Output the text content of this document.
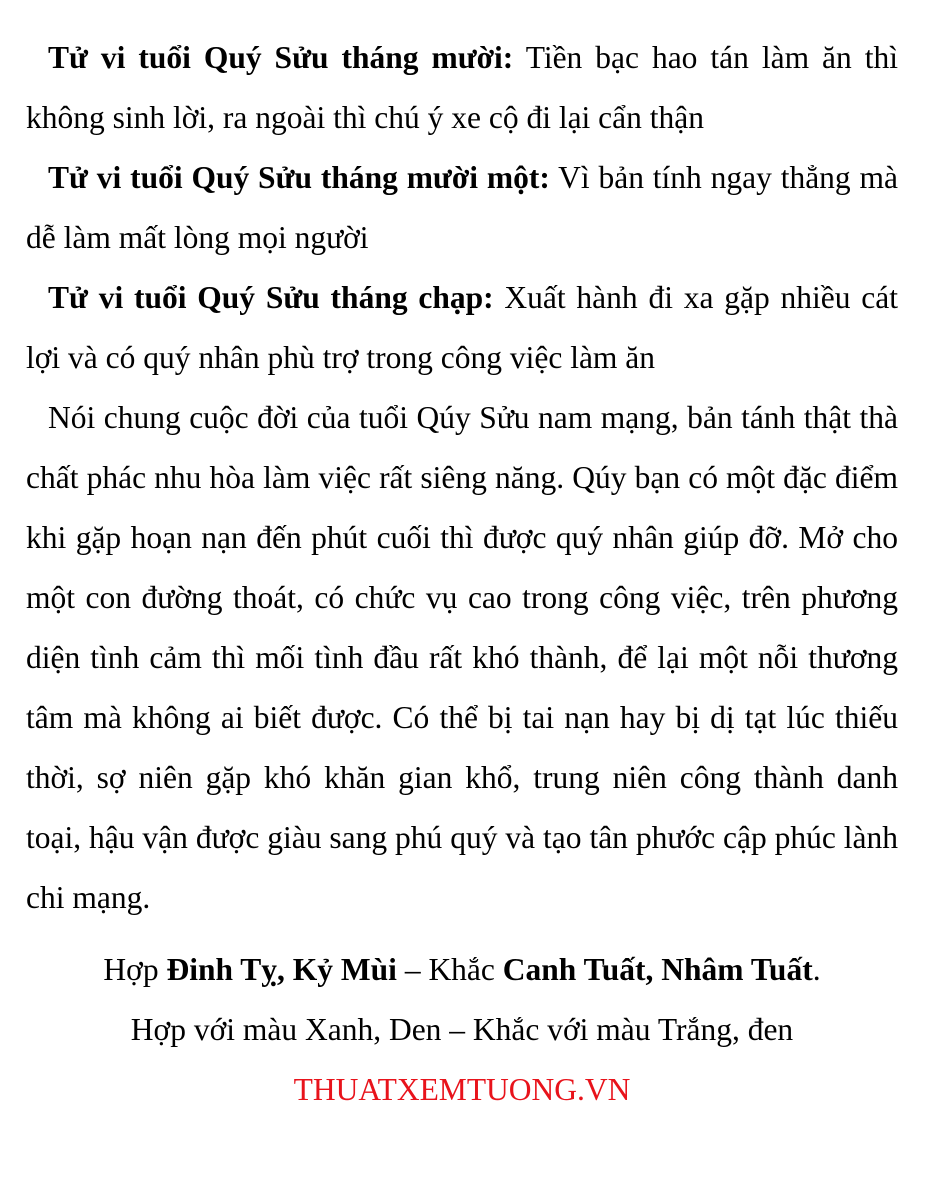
Tử vi tuổi Quý Sửu tháng mười: Tiền bạc hao tán làm ăn thì không sinh lời, ra ngoài thì chú ý xe cộ đi lại cẩn thận

Tử vi tuổi Quý Sửu tháng mười một: Vì bản tính ngay thẳng mà dễ làm mất lòng mọi người

Tử vi tuổi Quý Sửu tháng chạp: Xuất hành đi xa gặp nhiều cát lợi và có quý nhân phù trợ trong công việc làm ăn

Nói chung cuộc đời của tuổi Qúy Sửu nam mạng, bản tánh thật thà chất phác nhu hòa làm việc rất siêng năng. Qúy bạn có một đặc điểm khi gặp hoạn nạn đến phút cuối thì được quý nhân giúp đỡ. Mở cho một con đường thoát, có chức vụ cao trong công việc, trên phương diện tình cảm thì mối tình đầu rất khó thành, để lại một nỗi thương tâm mà không ai biết được. Có thể bị tai nạn hay bị dị tạt lúc thiếu thời, sợ niên gặp khó khăn gian khổ, trung niên công thành danh toại, hậu vận được giàu sang phú quý và tạo tân phước cập phúc lành chi mạng.

Hợp Đinh Tỵ, Kỷ Mùi – Khắc Canh Tuất, Nhâm Tuất.

Hợp với màu Xanh, Den – Khắc với màu Trắng, đen

THUATXEMTUONG.VN
